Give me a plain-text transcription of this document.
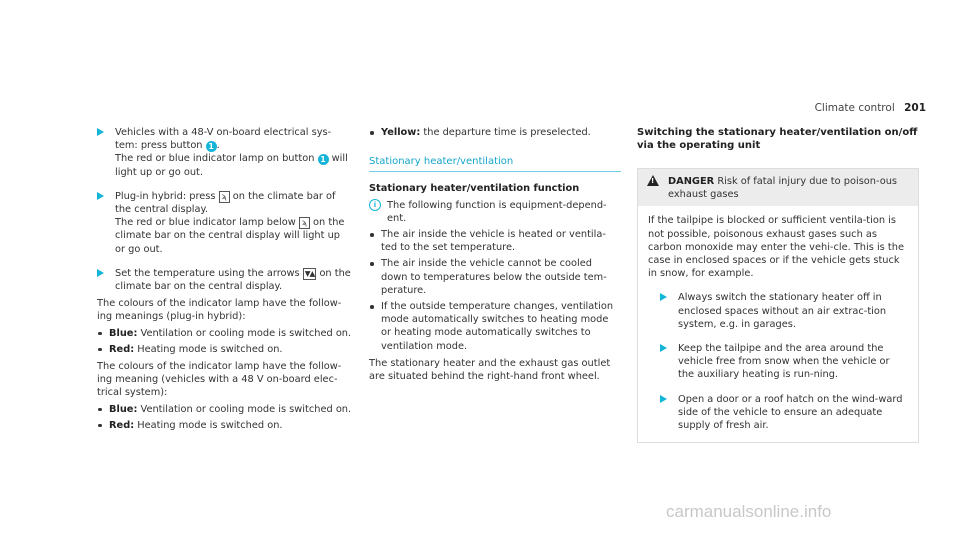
Climate control 201
Vehicles with a 48-V on-board electrical sys-tem: press button 1 .
The red or blue indicator lamp on button 1 will light up or go out.
Plug-in hybrid: press ϡ on the climate bar of the central display.
The red or blue indicator lamp below ϡ on the climate bar on the central display will light up or go out.
Set the temperature using the arrows ▼▲ on the climate bar on the central display.
The colours of the indicator lamp have the follow-ing meanings (plug-in hybrid):
Blue: Ventilation or cooling mode is switched on.
Red: Heating mode is switched on.
The colours of the indicator lamp have the follow-ing meaning (vehicles with a 48 V on-board elec-trical system):
Blue: Ventilation or cooling mode is switched on.
Red: Heating mode is switched on.
Yellow: the departure time is preselected.
Stationary heater/ventilation
Stationary heater/ventilation function
i	The following function is equipment-depend-ent.
The air inside the vehicle is heated or ventila-ted to the set temperature.
The air inside the vehicle cannot be cooled down to temperatures below the outside tem-perature.
If the outside temperature changes, ventilation mode automatically switches to heating mode or heating mode automatically switches to ventilation mode.
The stationary heater and the exhaust gas outlet are situated behind the right-hand front wheel.
Switching the stationary heater/ventilation on/off via the operating unit
!
DANGER Risk of fatal injury due to poison-ous exhaust gases
If the tailpipe is blocked or sufficient ventila-tion is not possible, poisonous exhaust gases such as carbon monoxide may enter the vehi-cle. This is the case in enclosed spaces or if the vehicle gets stuck in snow, for example.
Always switch the stationary heater off in enclosed spaces without an air extrac-tion system, e.g. in garages.
Keep the tailpipe and the area around the vehicle free from snow when the vehicle or the auxiliary heating is run-ning.
Open a door or a roof hatch on the wind-ward side of the vehicle to ensure an adequate supply of fresh air.
carmanualsonline.info
